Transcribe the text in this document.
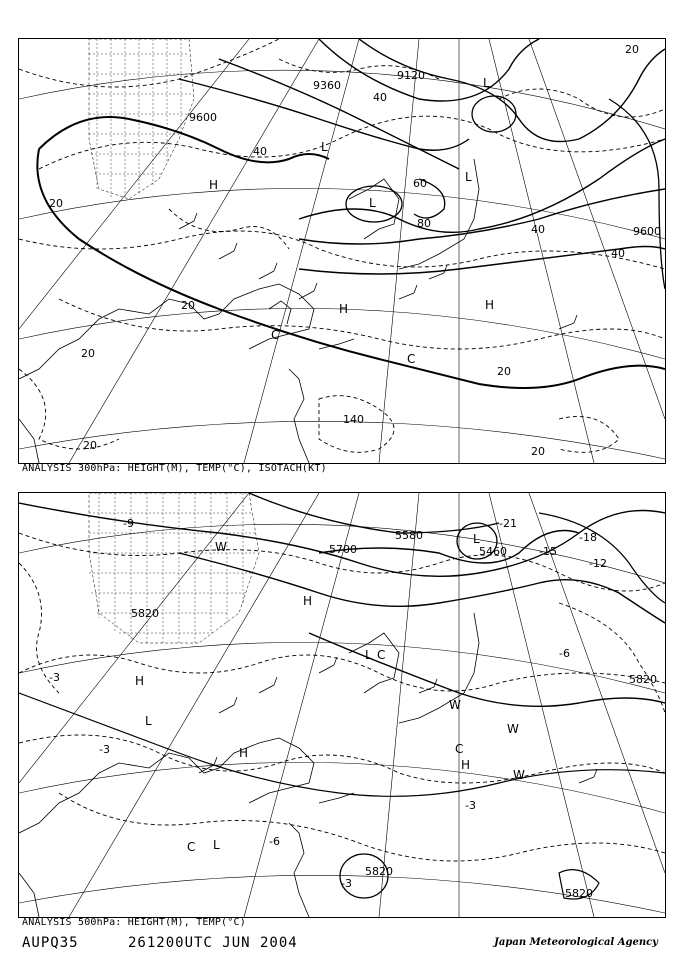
9120
9360
9600
9600
20
20
20
20
20
40
40
40
40
60
80
140
20	20
L
L
L
H
H
H
C
C
L
ANALYSIS 300hPa: HEIGHT(M), TEMP(°C), ISOTACH(KT)
5700
5580
5460
5820
5820
5820
5820
-3
-3
-3
-3
-6
-6
-9
-12
-21
-15
-18
L
L
L
L
H
H
H
H
W
W
W
W
C
C
C
ANALYSIS 500hPa: HEIGHT(M), TEMP(°C)
AUPQ35	261200UTC JUN 2004	Japan Meteorological Agency
